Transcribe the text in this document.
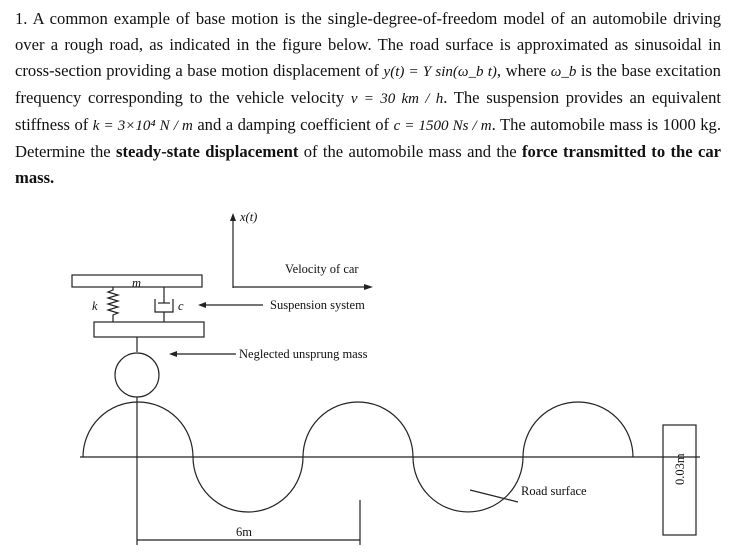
1. A common example of base motion is the single-degree-of-freedom model of an automobile driving over a rough road, as indicated in the figure below. The road surface is approximated as sinusoidal in cross-section providing a base motion displacement of y(t) = Y sin(ω_b t), where ω_b is the base excitation frequency corresponding to the vehicle velocity v = 30 km / h. The suspension provides an equivalent stiffness of k = 3×10⁴ N / m and a damping coefficient of c = 1500 Ns / m. The automobile mass is 1000 kg. Determine the steady-state displacement of the automobile mass and the force transmitted to the car mass.

x(t)
Velocity of car
m
k	c	Suspension system
Neglected unsprung mass
Road surface
6m
0.03m
